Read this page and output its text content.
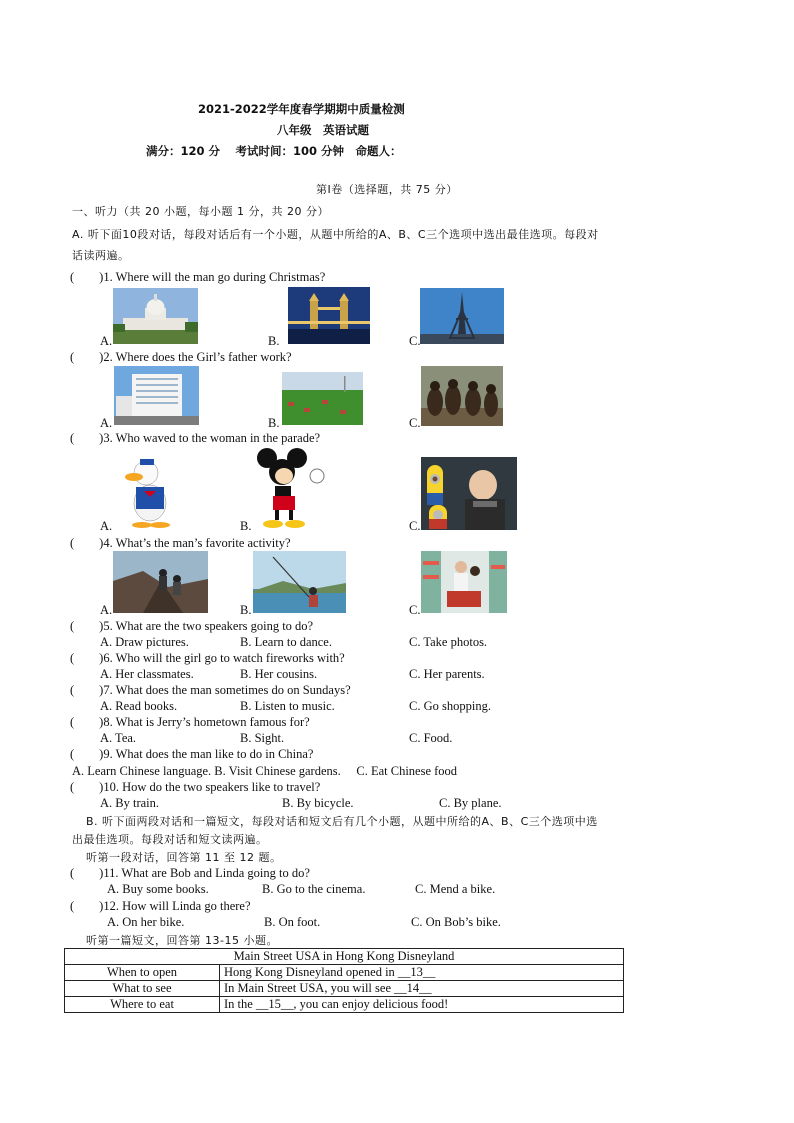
2021-2022学年度春学期期中质量检测
八年级　英语试题
满分：120 分　 考试时间：100 分钟　命题人：
第Ⅰ卷（选择题，共 75 分）
一、听力（共 20 小题，每小题 1 分，共 20 分）
A. 听下面10段对话，每段对话后有一个小题，从题中所给的A、B、C三个选项中选出最佳选项。每段对
话读两遍。
(　　)1. Where will the man go during Christmas?
A.	B.	C.
(　　)2. Where does the Girl’s father work?
A.	B.	C.
(　　)3. Who waved to the woman in the parade?
A.	B.	C.
(　　)4. What’s the man’s favorite activity?
A.	B.	C.
(　　)5. What are the two speakers going to do?
A. Draw pictures.	B. Learn to dance.	C. Take photos.
(　　)6. Who will the girl go to watch fireworks with?
A. Her classmates.	B. Her cousins.	C. Her parents.
(　　)7. What does the man sometimes do on Sundays?
A. Read books.	B. Listen to music.	C. Go shopping.
(　　)8. What is Jerry’s hometown famous for?
A. Tea.	B. Sight.	C. Food.
(　　)9. What does the man like to do in China?
A. Learn Chinese language. B. Visit Chinese gardens.　 C. Eat Chinese food
(　　)10. How do the two speakers like to travel?
A. By train.	B. By bicycle.	C. By plane.
B. 听下面两段对话和一篇短文，每段对话和短文后有几个小题，从题中所给的A、B、C三个选项中选
出最佳选项。每段对话和短文读两遍。
听第一段对话，回答第 11 至 12 题。
(　　)11. What are Bob and Linda going to do?
A. Buy some books.	B. Go to the cinema.	C. Mend a bike.
(　　)12. How will Linda go there?
A. On her bike.	B. On foot.	C. On Bob’s bike.
听第一篇短文，回答第 13-15 小题。
Main Street USA in Hong Kong Disneyland	
When to open	Hong Kong Disneyland opened in __13__
What to see	In Main Street USA, you will see __14__
Where to eat	In the __15__, you can enjoy delicious food!
